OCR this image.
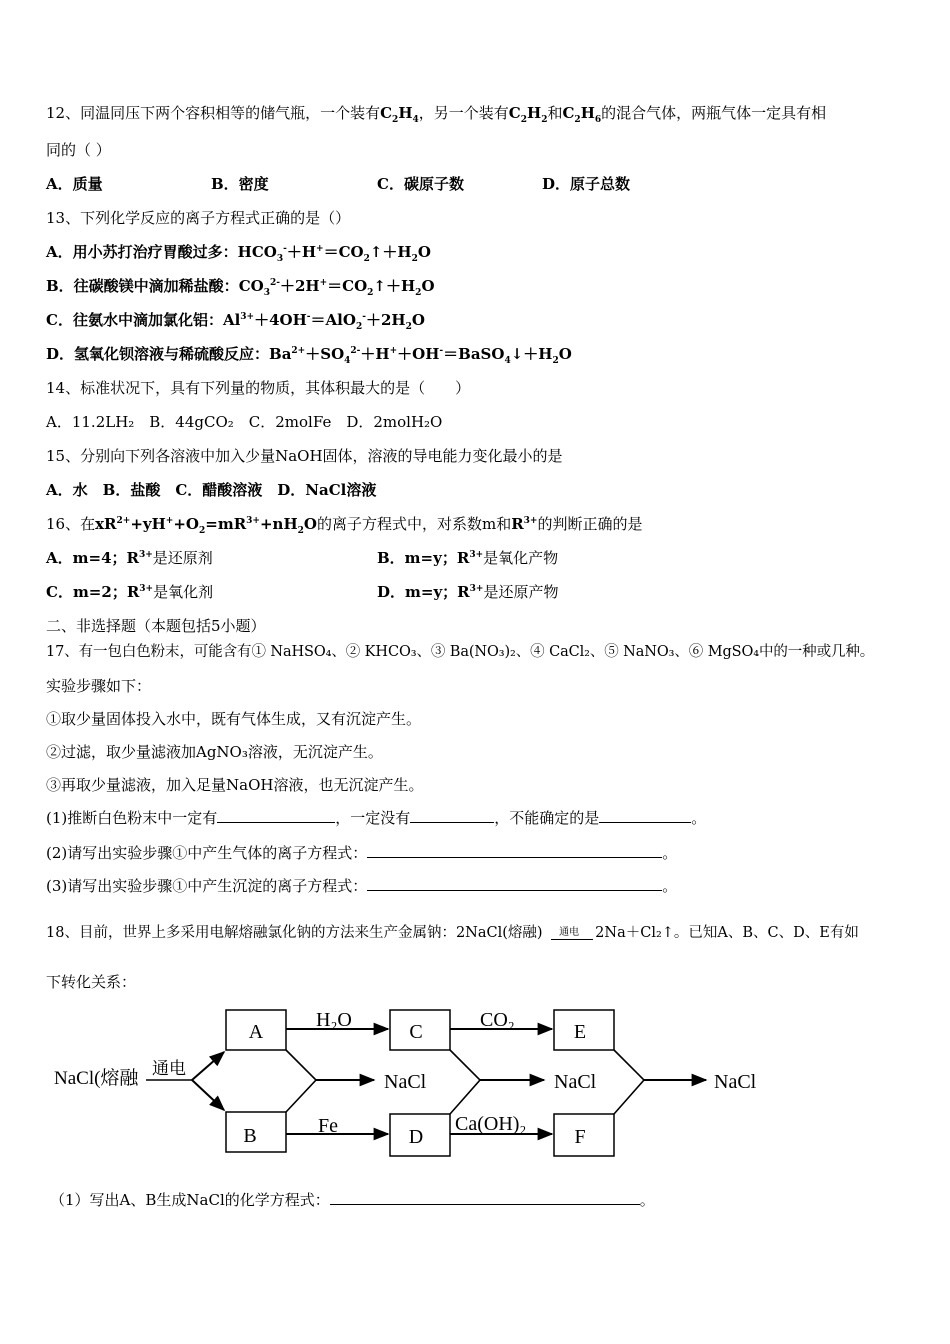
12、同温同压下两个容积相等的储气瓶，一个装有$C_2H_4$，另一个装有$C_2H_2$和$C_2H_6$的混合气体，两瓶气体一定具有相
同的（ ）
A．质量	B．密度	C．碳原子数	D．原子总数
13、下列化学反应的离子方程式正确的是（）
A．用小苏打治疗胃酸过多：$HCO_3^-+H^+=CO_2↑+H_2O$
B．往碳酸镁中滴加稀盐酸：$CO_3^{2-}+2H^+=CO_2↑+H_2O$
C．往氨水中滴加氯化铝：$Al^{3+}+4OH^-=AlO_2^-+2H_2O$
D．氢氧化钡溶液与稀硫酸反应：$Ba^{2+}+SO_4^{2-}+H^++OH^-=BaSO_4↓+H_2O$
14、标准状况下，具有下列量的物质，其体积最大的是（　　）
A．11.2LH₂　B．44gCO₂　C．2molFe　D．2molH₂O
15、分别向下列各溶液中加入少量NaOH固体，溶液的导电能力变化最小的是
A．水　B．盐酸　C．醋酸溶液　D．NaCl溶液
16、在$xR^{2+}+yH^++O_2=mR^{3+}+nH_2O$的离子方程式中，对系数m和$R^{3+}$的判断正确的是
A．m=4；$R^{3+}$是还原剂	B．m=y；$R^{3+}$是氧化产物
C．m=2；$R^{3+}$是氧化剂	D．m=y；$R^{3+}$是还原产物
二、非选择题（本题包括5小题）
17、有一包白色粉末，可能含有① NaHSO₄、② KHCO₃、③ Ba(NO₃)₂、④ CaCl₂、⑤ NaNO₃、⑥ MgSO₄中的一种或几种。
实验步骤如下：
①取少量固体投入水中，既有气体生成，又有沉淀产生。
②过滤，取少量滤液加AgNO₃溶液，无沉淀产生。
③再取少量滤液，加入足量NaOH溶液，也无沉淀产生。
(1)推断白色粉末中一定有	，一定没有	，不能确定的是	。
(2)请写出实验步骤①中产生气体的离子方程式：	。
(3)请写出实验步骤①中产生沉淀的离子方程式：	。
18、目前，世界上多采用电解熔融氯化钠的方法来生产金属钠：2NaCl(熔融) 通电 2Na＋Cl₂↑。已知A、B、C、D、E有如
下转化关系：
NaCl(熔融 通电
A
B
H₂O
Fe
NaCl
C
D
CO₂
Ca(OH)₂
NaCl
E
F
NaCl
（1）写出A、B生成NaCl的化学方程式：	。
